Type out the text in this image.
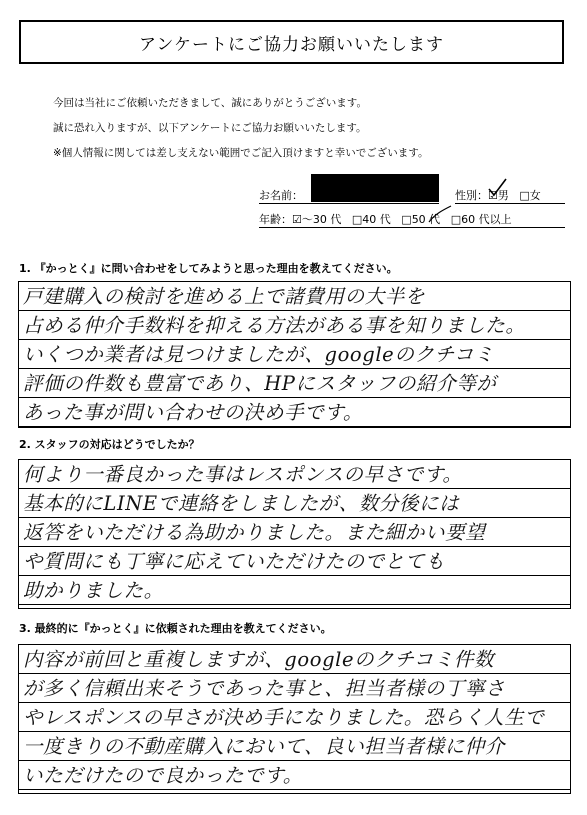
アンケートにご協力お願いいたします
今回は当社にご依頼いただきまして、誠にありがとうございます。
誠に恐れ入りますが、以下アンケートにご協力お願いいたします。
※個人情報に関しては差し支えない範囲でご記入頂けますと幸いでございます。
お名前：	性別：☑男 □女
年齢：☑～30 代 □40 代 □50 代 □60 代以上
1. 『かっとく』に問い合わせをしてみようと思った理由を教えてください。
戸建購入の検討を進める上で諸費用の大半を
占める仲介手数料を抑える方法がある事を知りました。
いくつか業者は見つけましたが、googleのクチコミ
評価の件数も豊富であり、HPにスタッフの紹介等が
あった事が問い合わせの決め手です。
2. スタッフの対応はどうでしたか？
何より一番良かった事はレスポンスの早さです。
基本的にLINEで連絡をしましたが、数分後には
返答をいただける為助かりました。また細かい要望
や質問にも丁寧に応えていただけたのでとても
助かりました。
3. 最終的に『かっとく』に依頼された理由を教えてください。
内容が前回と重複しますが、googleのクチコミ件数
が多く信頼出来そうであった事と、担当者様の丁寧さ
やレスポンスの早さが決め手になりました。恐らく人生で
一度きりの不動産購入において、良い担当者様に仲介
いただけたので良かったです。
